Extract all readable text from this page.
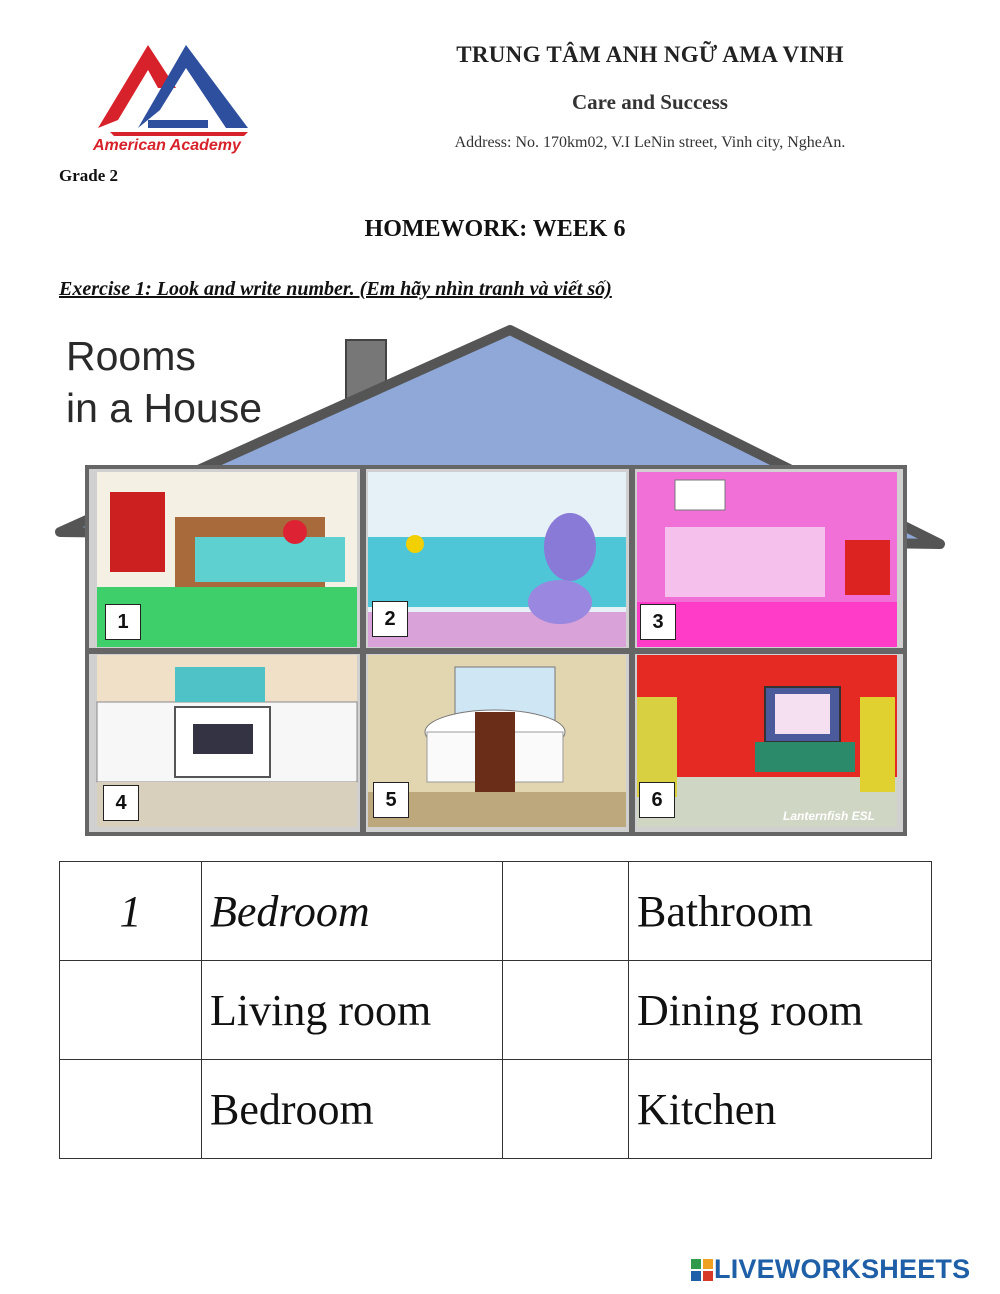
American Academy
TRUNG TÂM ANH NGỮ AMA VINH
Care and Success
Address: No. 170km02, V.I LeNin street, Vinh city, NgheAn.
Grade 2
HOMEWORK: WEEK 6
Exercise 1: Look and write number. (Em hãy nhìn tranh và viết số)
Rooms
in a House
1	2	3
4	5	6
Lanternfish ESL
1	Bedroom		Bathroom
	Living room		Dining room
	Bedroom		Kitchen
LIVEWORKSHEETS
